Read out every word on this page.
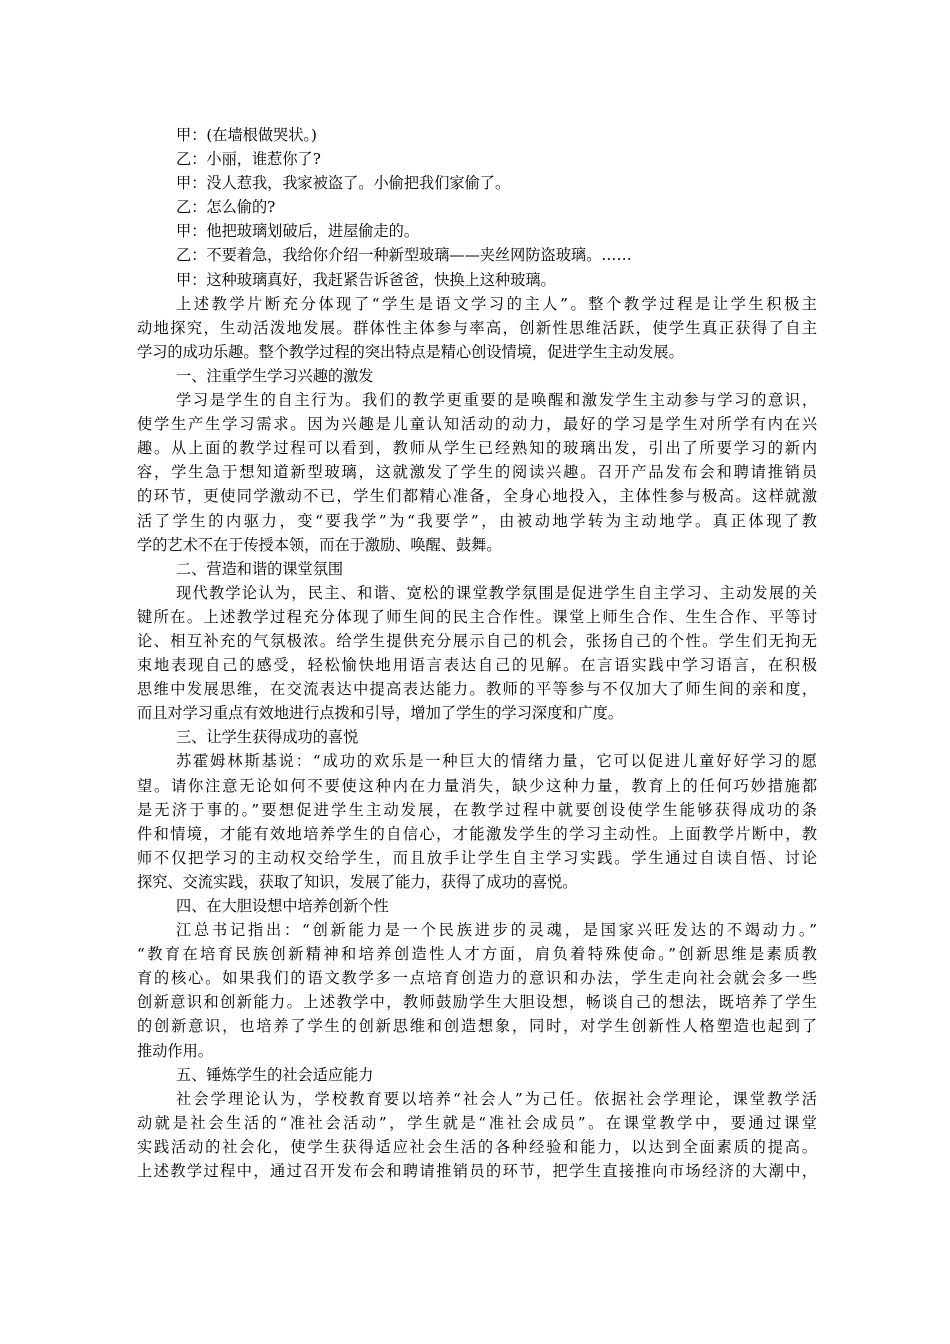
甲：(在墙根做哭状。)
乙：小丽，谁惹你了?
甲：没人惹我，我家被盗了。小偷把我们家偷了。
乙：怎么偷的?
甲：他把玻璃划破后，进屋偷走的。
乙：不要着急，我给你介绍一种新型玻璃——夹丝网防盗玻璃。……
甲：这种玻璃真好，我赶紧告诉爸爸，快换上这种玻璃。
上述教学片断充分体现了“学生是语文学习的主人”。整个教学过程是让学生积极主
动地探究，生动活泼地发展。群体性主体参与率高，创新性思维活跃，使学生真正获得了自主
学习的成功乐趣。整个教学过程的突出特点是精心创设情境，促进学生主动发展。
一、注重学生学习兴趣的激发
学习是学生的自主行为。我们的教学更重要的是唤醒和激发学生主动参与学习的意识，
使学生产生学习需求。因为兴趣是儿童认知活动的动力，最好的学习是学生对所学有内在兴
趣。从上面的教学过程可以看到，教师从学生已经熟知的玻璃出发，引出了所要学习的新内
容，学生急于想知道新型玻璃，这就激发了学生的阅读兴趣。召开产品发布会和聘请推销员
的环节，更使同学激动不已，学生们都精心准备，全身心地投入，主体性参与极高。这样就激
活了学生的内驱力，变“要我学”为“我要学”，由被动地学转为主动地学。真正体现了教
学的艺术不在于传授本领，而在于激励、唤醒、鼓舞。
二、营造和谐的课堂氛围
现代教学论认为，民主、和谐、宽松的课堂教学氛围是促进学生自主学习、主动发展的关
键所在。上述教学过程充分体现了师生间的民主合作性。课堂上师生合作、生生合作、平等讨
论、相互补充的气氛极浓。给学生提供充分展示自己的机会，张扬自己的个性。学生们无拘无
束地表现自己的感受，轻松愉快地用语言表达自己的见解。在言语实践中学习语言，在积极
思维中发展思维，在交流表达中提高表达能力。教师的平等参与不仅加大了师生间的亲和度，
而且对学习重点有效地进行点拨和引导，增加了学生的学习深度和广度。
三、让学生获得成功的喜悦
苏霍姆林斯基说：“成功的欢乐是一种巨大的情绪力量，它可以促进儿童好好学习的愿
望。请你注意无论如何不要使这种内在力量消失，缺少这种力量，教育上的任何巧妙措施都
是无济于事的。”要想促进学生主动发展，在教学过程中就要创设使学生能够获得成功的条
件和情境，才能有效地培养学生的自信心，才能激发学生的学习主动性。上面教学片断中，教
师不仅把学习的主动权交给学生，而且放手让学生自主学习实践。学生通过自读自悟、讨论
探究、交流实践，获取了知识，发展了能力，获得了成功的喜悦。
四、在大胆设想中培养创新个性
江总书记指出：“创新能力是一个民族进步的灵魂，是国家兴旺发达的不竭动力。”
“教育在培育民族创新精神和培养创造性人才方面，肩负着特殊使命。”创新思维是素质教
育的核心。如果我们的语文教学多一点培育创造力的意识和办法，学生走向社会就会多一些
创新意识和创新能力。上述教学中，教师鼓励学生大胆设想，畅谈自己的想法，既培养了学生
的创新意识，也培养了学生的创新思维和创造想象，同时，对学生创新性人格塑造也起到了
推动作用。
五、锤炼学生的社会适应能力
社会学理论认为，学校教育要以培养“社会人”为己任。依据社会学理论，课堂教学活
动就是社会生活的“准社会活动”，学生就是“准社会成员”。在课堂教学中，要通过课堂
实践活动的社会化，使学生获得适应社会生活的各种经验和能力，以达到全面素质的提高。
上述教学过程中，通过召开发布会和聘请推销员的环节，把学生直接推向市场经济的大潮中，
